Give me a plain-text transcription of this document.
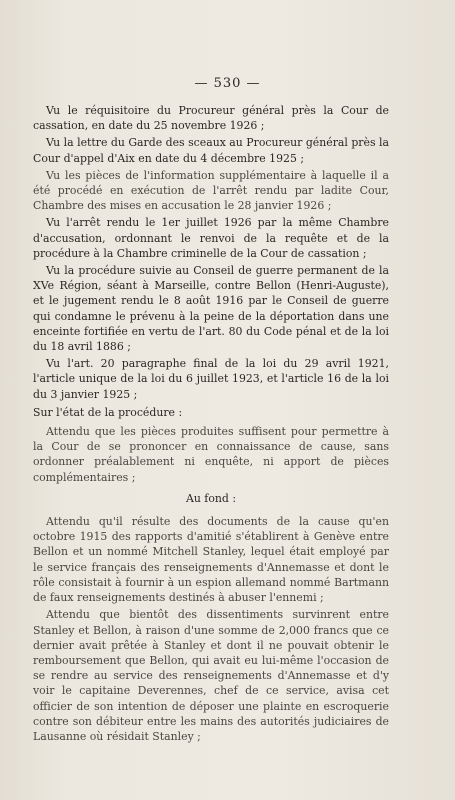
— 530 —

Vu le réquisitoire du Procureur général près la Cour de cassation, en date du 25 novembre 1926 ;

Vu la lettre du Garde des sceaux au Procureur général près la Cour d'appel d'Aix en date du 4 décembre 1925 ;

Vu les pièces de l'information supplémentaire à laquelle il a été procédé en exécution de l'arrêt rendu par ladite Cour, Chambre des mises en accusation le 28 janvier 1926 ;

Vu l'arrêt rendu le 1er juillet 1926 par la même Chambre d'accusation, ordonnant le renvoi de la requête et de la procédure à la Chambre criminelle de la Cour de cassation ;

Vu la procédure suivie au Conseil de guerre permanent de la XVe Région, séant à Marseille, contre Bellon (Henri-Auguste), et le jugement rendu le 8 août 1916 par le Conseil de guerre qui condamne le prévenu à la peine de la déportation dans une enceinte fortifiée en vertu de l'art. 80 du Code pénal et de la loi du 18 avril 1886 ;

Vu l'art. 20 paragraphe final de la loi du 29 avril 1921, l'article unique de la loi du 6 juillet 1923, et l'article 16 de la loi du 3 janvier 1925 ;

Sur l'état de la procédure :

Attendu que les pièces produites suffisent pour permettre à la Cour de se prononcer en connaissance de cause, sans ordonner préalablement ni enquête, ni apport de pièces complémentaires ;

Au fond :

Attendu qu'il résulte des documents de la cause qu'en octobre 1915 des rapports d'amitié s'établirent à Genève entre Bellon et un nommé Mitchell Stanley, lequel était employé par le service français des renseignements d'Annemasse et dont le rôle consistait à fournir à un espion allemand nommé Bartmann de faux renseignements destinés à abuser l'ennemi ;

Attendu que bientôt des dissentiments survinrent entre Stanley et Bellon, à raison d'une somme de 2,000 francs que ce dernier avait prêtée à Stanley et dont il ne pouvait obtenir le remboursement que Bellon, qui avait eu lui-même l'occasion de se rendre au service des renseignements d'Annemasse et d'y voir le capitaine Deverennes, chef de ce service, avisa cet officier de son intention de déposer une plainte en escroquerie contre son débiteur entre les mains des autorités judiciaires de Lausanne où résidait Stanley ;
